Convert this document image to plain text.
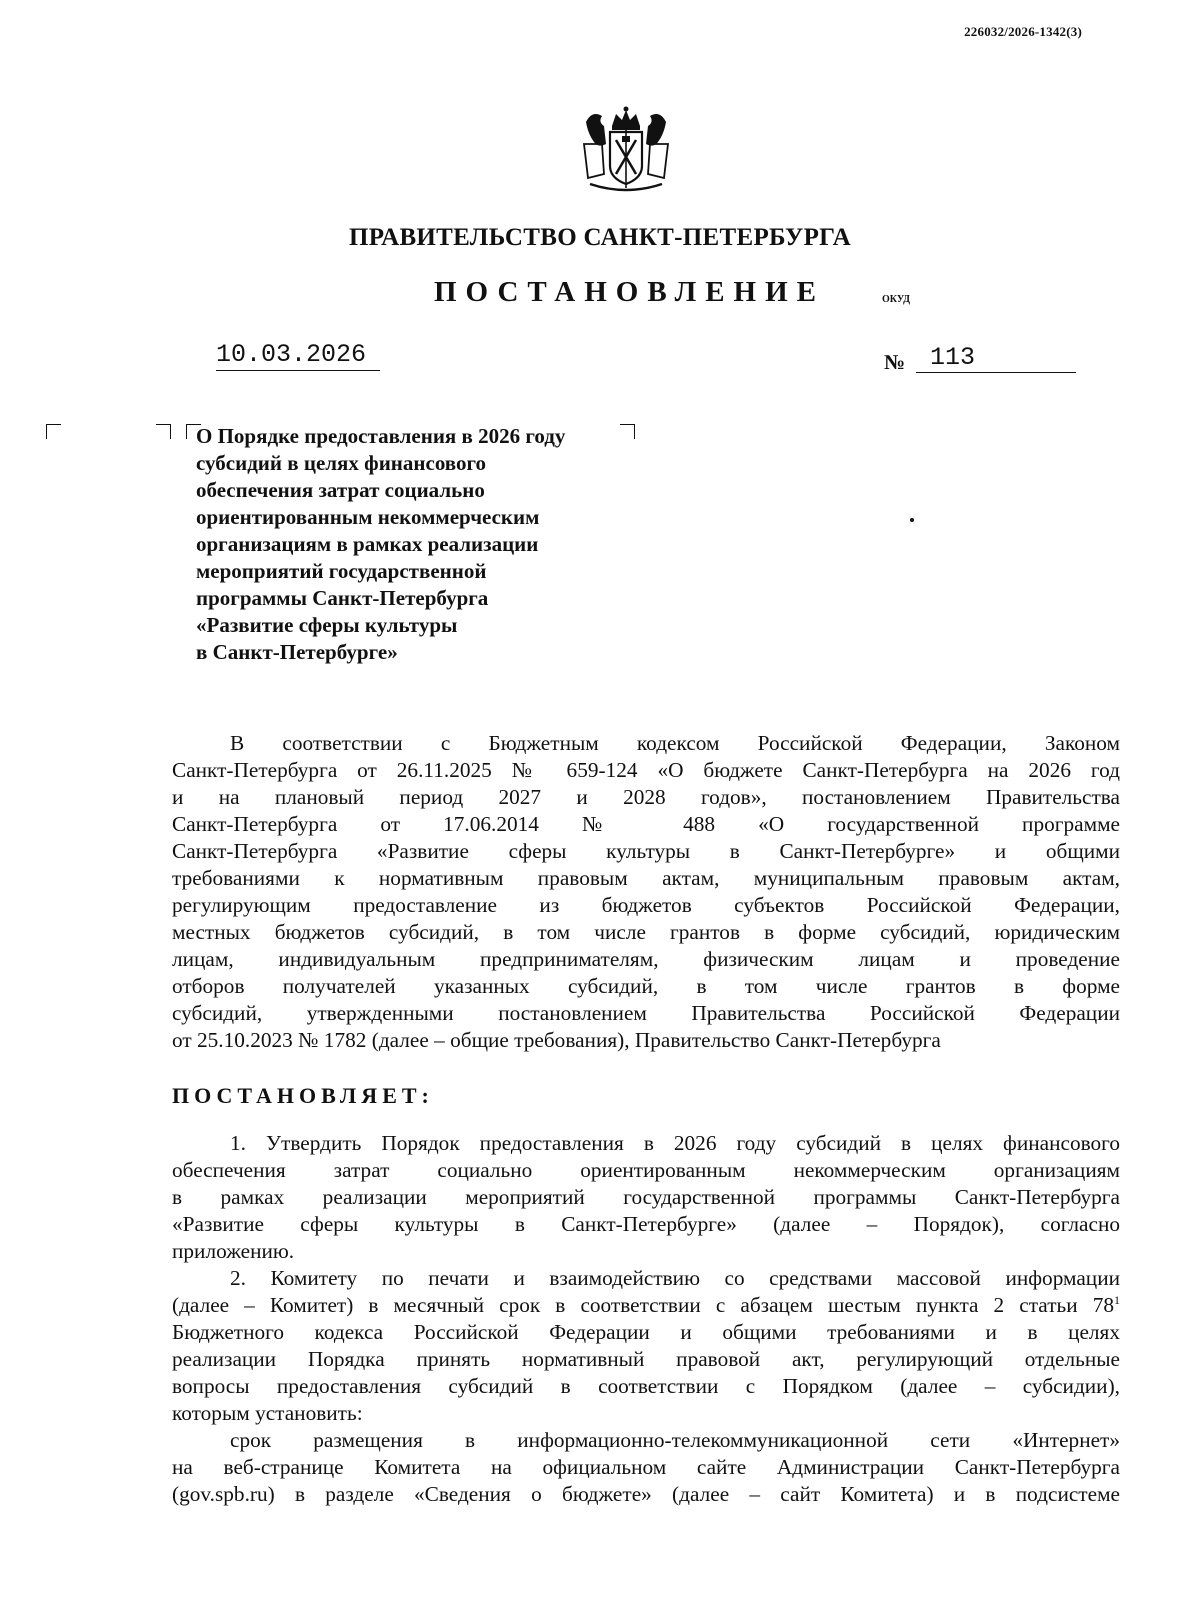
226032/2026-1342(3)
ПРАВИТЕЛЬСТВО САНКТ-ПЕТЕРБУРГА
ПОСТАНОВЛЕНИЕ	ОКУД
10.03.2026	№ 113
О Порядке предоставления в 2026 году
субсидий в целях финансового
обеспечения затрат социально
ориентированным некоммерческим
организациям в рамках реализации
мероприятий государственной
программы Санкт-Петербурга
«Развитие сферы культуры
в Санкт-Петербурге»
В соответствии с Бюджетным кодексом Российской Федерации, Законом
Санкт-Петербурга от 26.11.2025 № 659-124 «О бюджете Санкт-Петербурга на 2026 год
и на плановый период 2027 и 2028 годов», постановлением Правительства
Санкт-Петербурга от 17.06.2014 № 488 «О государственной программе
Санкт-Петербурга «Развитие сферы культуры в Санкт-Петербурге» и общими
требованиями к нормативным правовым актам, муниципальным правовым актам,
регулирующим предоставление из бюджетов субъектов Российской Федерации,
местных бюджетов субсидий, в том числе грантов в форме субсидий, юридическим
лицам, индивидуальным предпринимателям, физическим лицам и проведение
отборов получателей указанных субсидий, в том числе грантов в форме
субсидий, утвержденными постановлением Правительства Российской Федерации
от 25.10.2023 № 1782 (далее – общие требования), Правительство Санкт-Петербурга
ПОСТАНОВЛЯЕТ:
1. Утвердить Порядок предоставления в 2026 году субсидий в целях финансового
обеспечения затрат социально ориентированным некоммерческим организациям
в рамках реализации мероприятий государственной программы Санкт-Петербурга
«Развитие сферы культуры в Санкт-Петербурге» (далее – Порядок), согласно
приложению.
2. Комитету по печати и взаимодействию со средствами массовой информации
(далее – Комитет) в месячный срок в соответствии с абзацем шестым пункта 2 статьи $78^1$
Бюджетного кодекса Российской Федерации и общими требованиями и в целях
реализации Порядка принять нормативный правовой акт, регулирующий отдельные
вопросы предоставления субсидий в соответствии с Порядком (далее – субсидии),
которым установить:
срок размещения в информационно-телекоммуникационной сети «Интернет»
на веб-странице Комитета на официальном сайте Администрации Санкт-Петербурга
(gov.spb.ru) в разделе «Сведения о бюджете» (далее – сайт Комитета) и в подсистеме
